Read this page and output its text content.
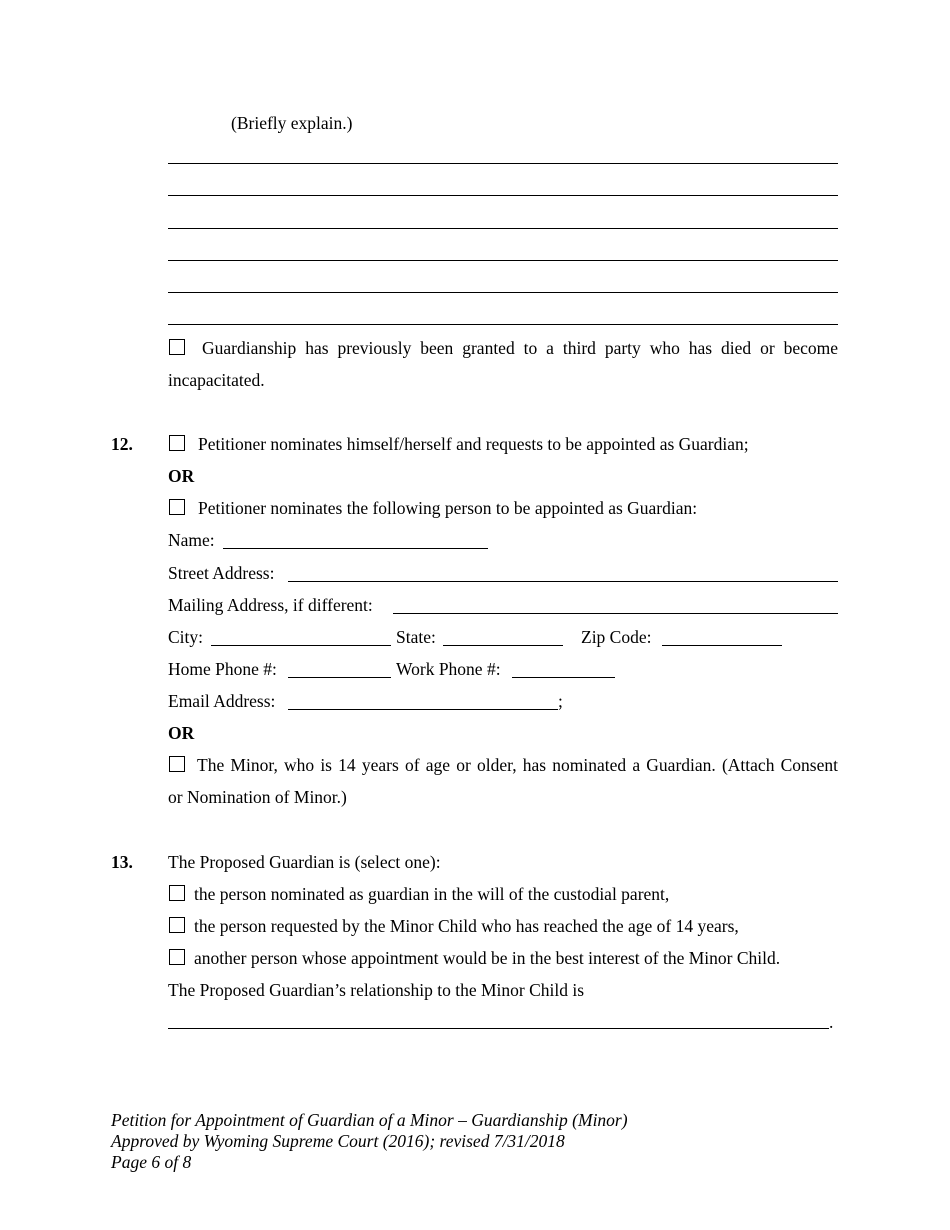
(Briefly explain.)
Guardianship has previously been granted to a third party who has died or become
incapacitated.
12.	Petitioner nominates himself/herself and requests to be appointed as Guardian;
OR
Petitioner nominates the following person to be appointed as Guardian:
Name:
Street Address:
Mailing Address, if different:
City:	State:	Zip Code:
Home Phone #:	Work Phone #:
Email Address:	;
OR
The Minor, who is 14 years of age or older, has nominated a Guardian. (Attach Consent
or Nomination of Minor.)
13. The Proposed Guardian is (select one):
the person nominated as guardian in the will of the custodial parent,
the person requested by the Minor Child who has reached the age of 14 years,
another person whose appointment would be in the best interest of the Minor Child.
The Proposed Guardian’s relationship to the Minor Child is
.
Petition for Appointment of Guardian of a Minor – Guardianship (Minor)
Approved by Wyoming Supreme Court (2016); revised 7/31/2018
Page 6 of 8
